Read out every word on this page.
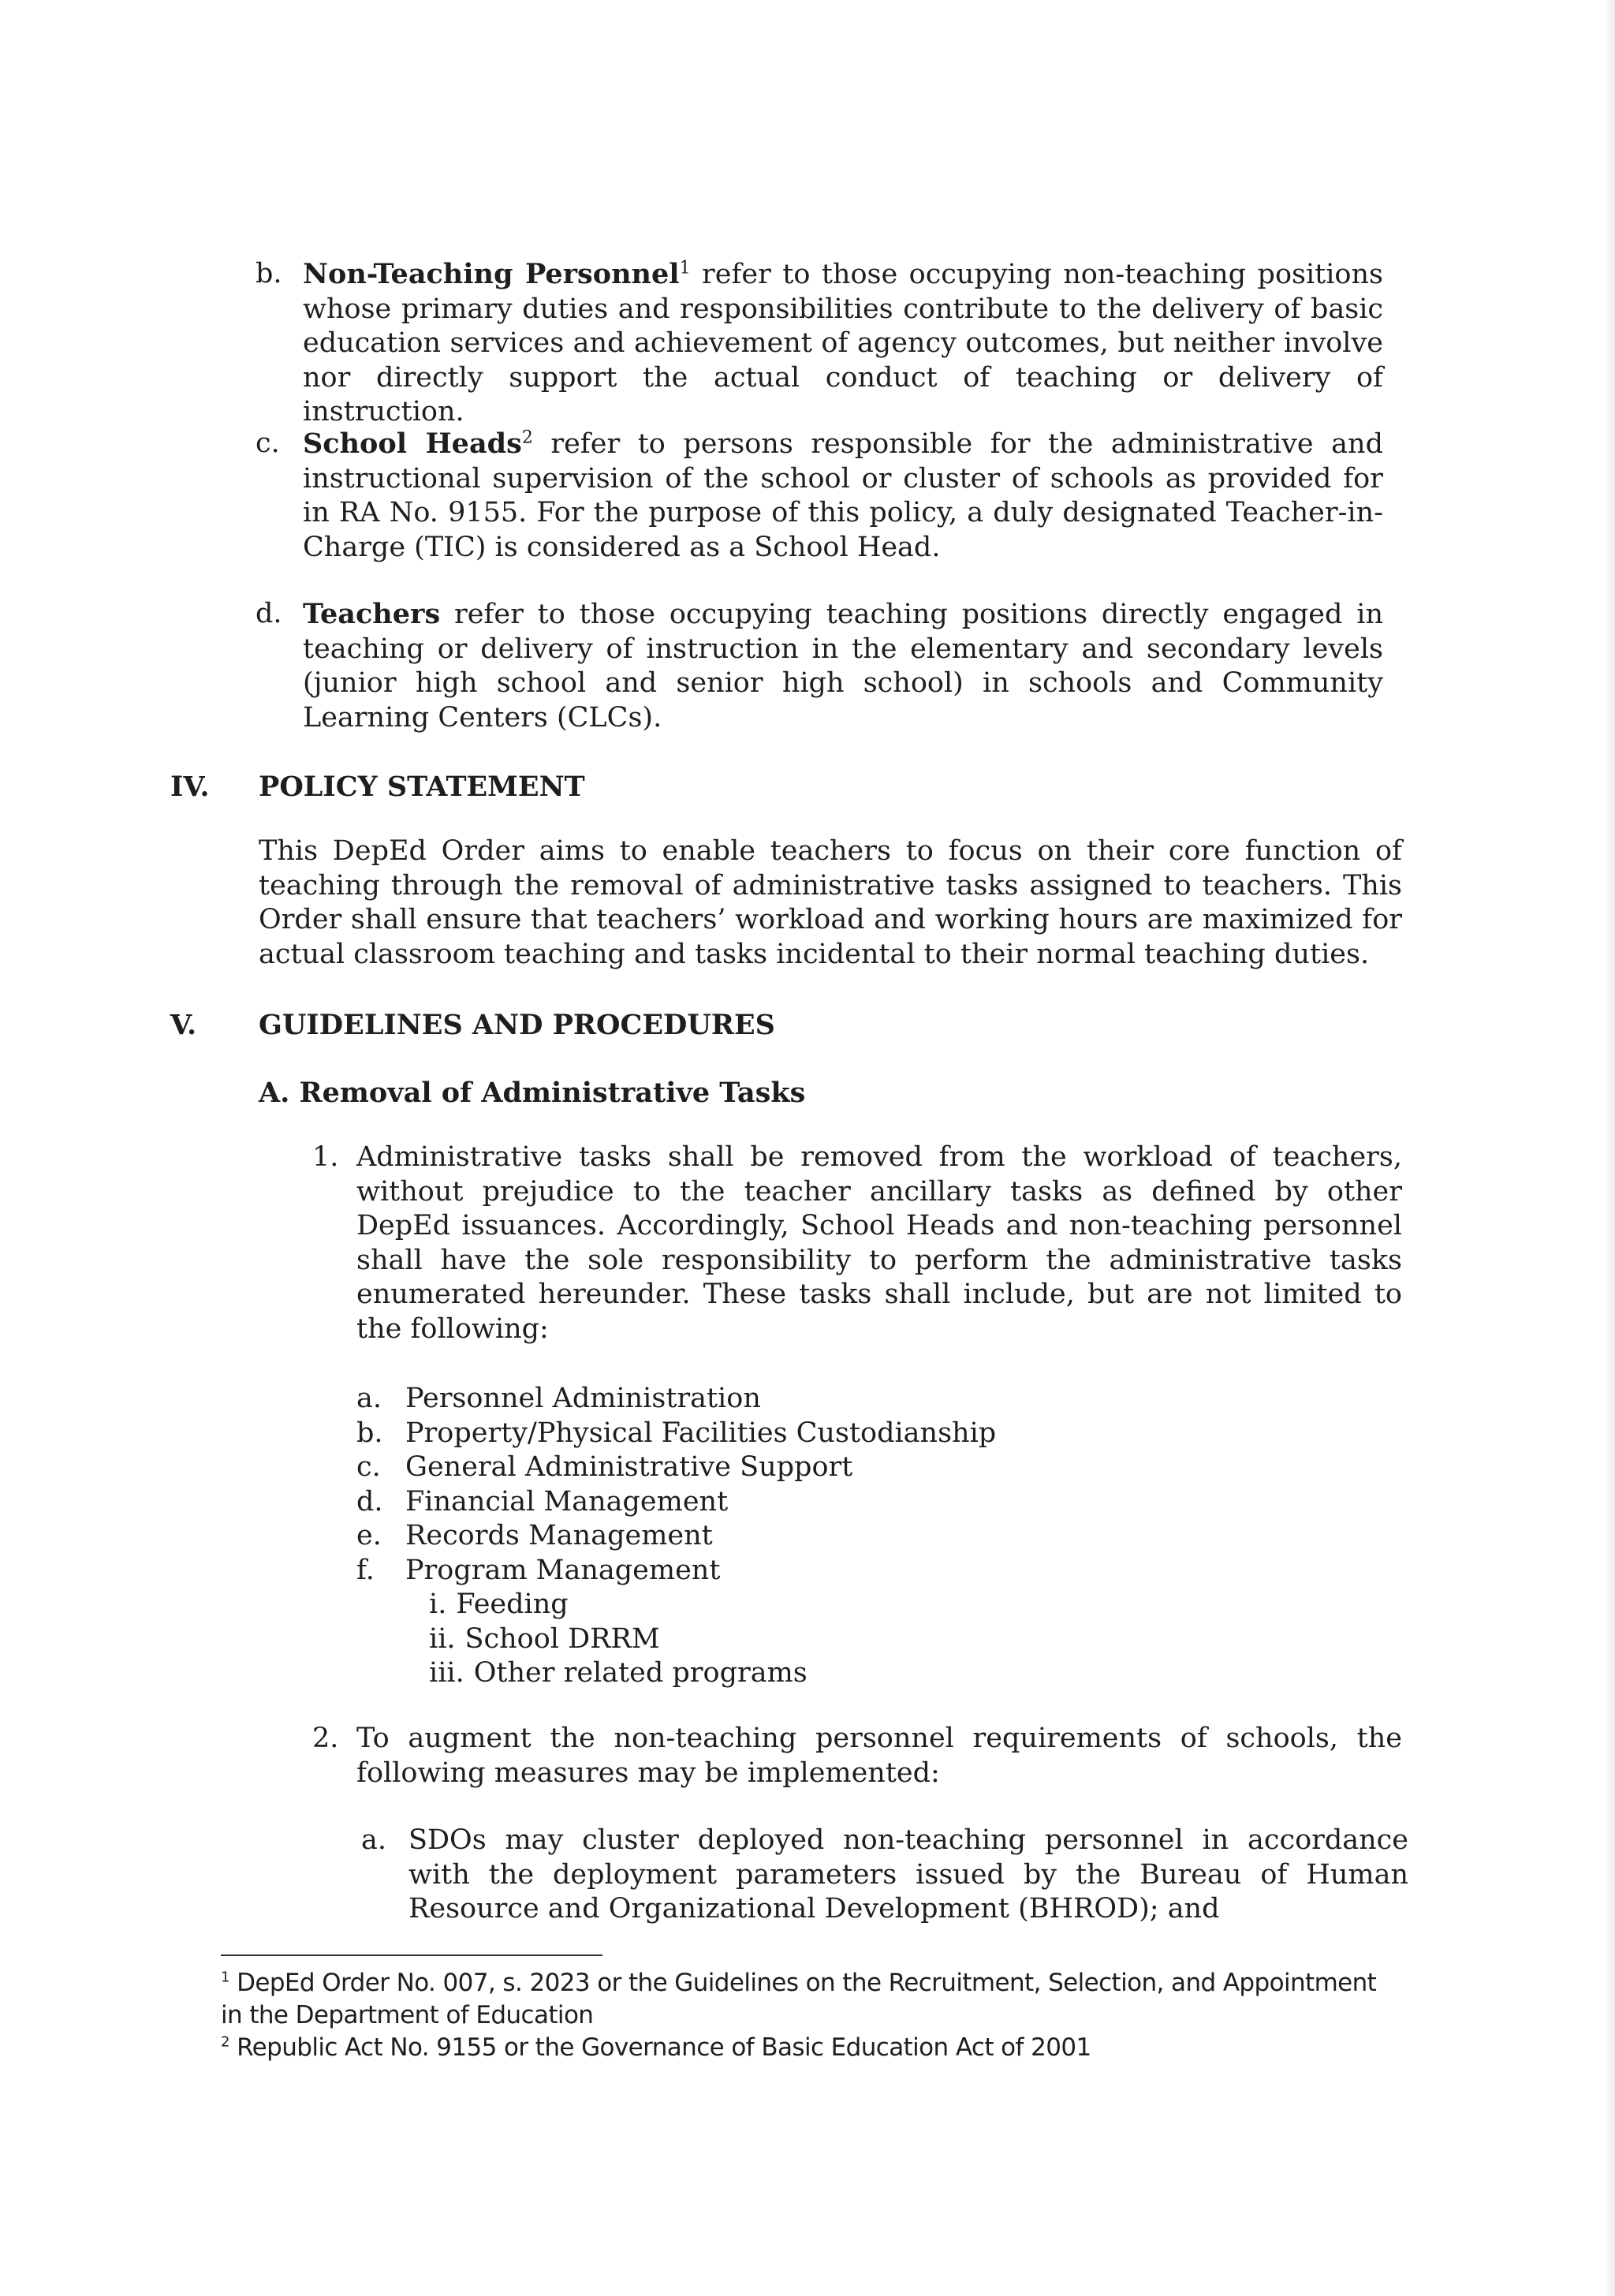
b. Non-Teaching Personnel$^1$ refer to those occupying non-teaching positions whose primary duties and responsibilities contribute to the delivery of basic education services and achievement of agency outcomes, but neither involve nor directly support the actual conduct of teaching or delivery of instruction.
c. School Heads$^2$ refer to persons responsible for the administrative and instructional supervision of the school or cluster of schools as provided for in RA No. 9155. For the purpose of this policy, a duly designated Teacher-in-Charge (TIC) is considered as a School Head.
d. Teachers refer to those occupying teaching positions directly engaged in teaching or delivery of instruction in the elementary and secondary levels (junior high school and senior high school) in schools and Community Learning Centers (CLCs).
IV. POLICY STATEMENT
This DepEd Order aims to enable teachers to focus on their core function of teaching through the removal of administrative tasks assigned to teachers. This Order shall ensure that teachers’ workload and working hours are maximized for actual classroom teaching and tasks incidental to their normal teaching duties.
V. GUIDELINES AND PROCEDURES
A. Removal of Administrative Tasks
1. Administrative tasks shall be removed from the workload of teachers, without prejudice to the teacher ancillary tasks as defined by other DepEd issuances. Accordingly, School Heads and non-teaching personnel shall have the sole responsibility to perform the administrative tasks enumerated hereunder. These tasks shall include, but are not limited to the following:
a. Personnel Administration
b. Property/Physical Facilities Custodianship
c. General Administrative Support
d. Financial Management
e. Records Management
f. Program Management
i. Feeding
ii. School DRRM
iii. Other related programs
2. To augment the non-teaching personnel requirements of schools, the following measures may be implemented:
a. SDOs may cluster deployed non-teaching personnel in accordance with the deployment parameters issued by the Bureau of Human Resource and Organizational Development (BHROD); and

$^1$ DepEd Order No. 007, s. 2023 or the Guidelines on the Recruitment, Selection, and Appointment in the Department of Education

$^2$ Republic Act No. 9155 or the Governance of Basic Education Act of 2001
